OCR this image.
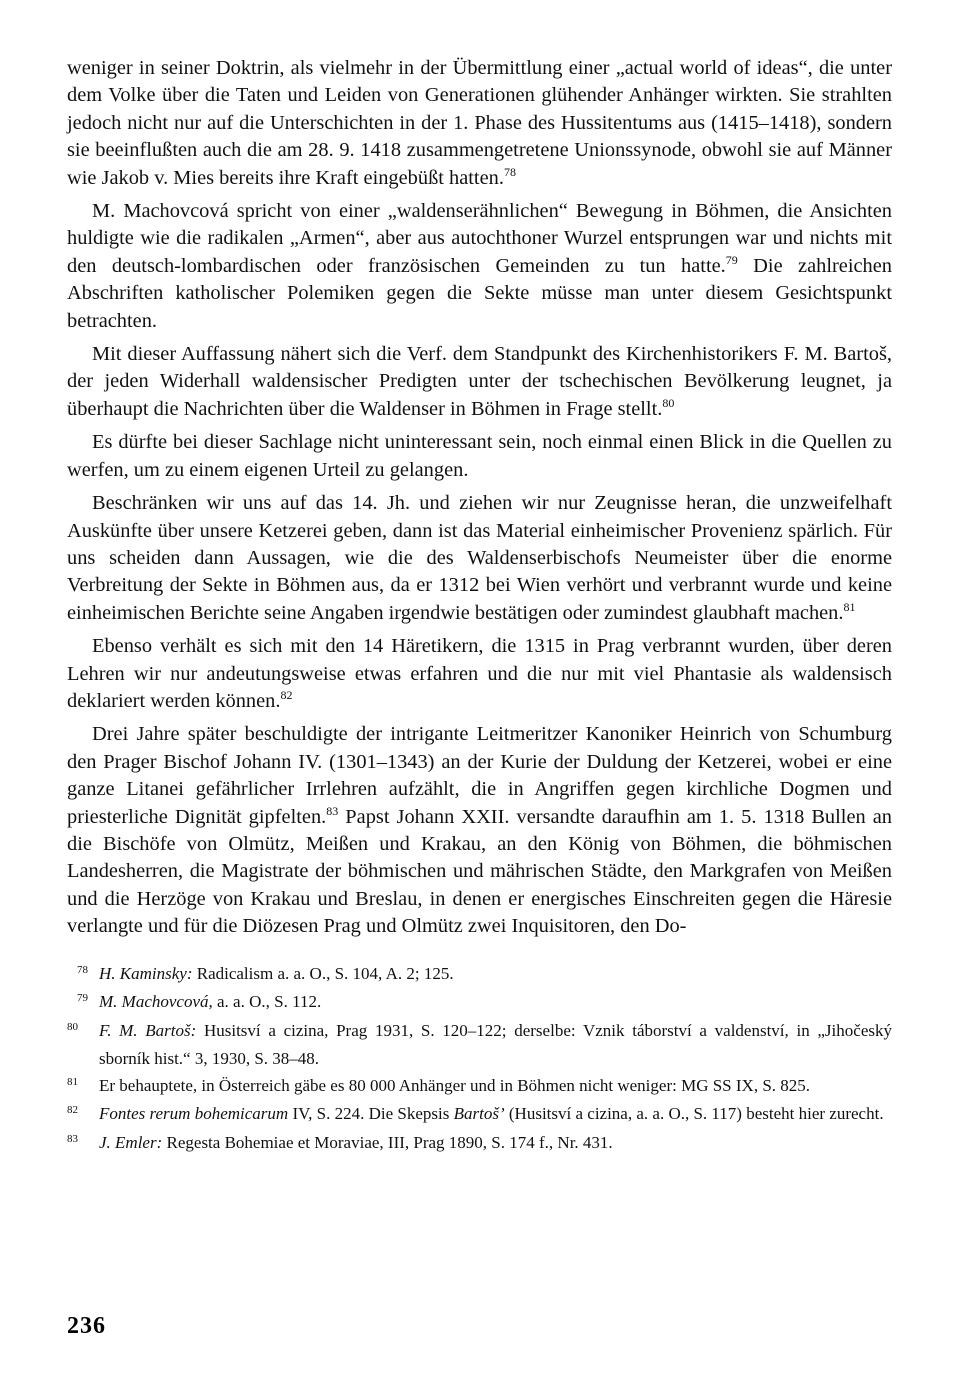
weniger in seiner Doktrin, als vielmehr in der Übermittlung einer „actual world of ideas“, die unter dem Volke über die Taten und Leiden von Generationen glühender Anhänger wirkten. Sie strahlten jedoch nicht nur auf die Unterschichten in der 1. Phase des Hussitentums aus (1415–1418), sondern sie beeinflußten auch die am 28. 9. 1418 zusammengetretene Unionssynode, obwohl sie auf Männer wie Jakob v. Mies bereits ihre Kraft eingebüßt hatten.$^{78}$

M. Machovcová spricht von einer „waldenserähnlichen“ Bewegung in Böhmen, die Ansichten huldigte wie die radikalen „Armen“, aber aus autochthoner Wurzel entsprungen war und nichts mit den deutsch-lombardischen oder französischen Gemeinden zu tun hatte.$^{79}$ Die zahlreichen Abschriften katholischer Polemiken gegen die Sekte müsse man unter diesem Gesichtspunkt betrachten.

Mit dieser Auffassung nähert sich die Verf. dem Standpunkt des Kirchenhistorikers F. M. Bartoš, der jeden Widerhall waldensischer Predigten unter der tschechischen Bevölkerung leugnet, ja überhaupt die Nachrichten über die Waldenser in Böhmen in Frage stellt.$^{80}$

Es dürfte bei dieser Sachlage nicht uninteressant sein, noch einmal einen Blick in die Quellen zu werfen, um zu einem eigenen Urteil zu gelangen.

Beschränken wir uns auf das 14. Jh. und ziehen wir nur Zeugnisse heran, die unzweifelhaft Auskünfte über unsere Ketzerei geben, dann ist das Material einheimischer Provenienz spärlich. Für uns scheiden dann Aussagen, wie die des Waldenserbischofs Neumeister über die enorme Verbreitung der Sekte in Böhmen aus, da er 1312 bei Wien verhört und verbrannt wurde und keine einheimischen Berichte seine Angaben irgendwie bestätigen oder zumindest glaubhaft machen.$^{81}$

Ebenso verhält es sich mit den 14 Häretikern, die 1315 in Prag verbrannt wurden, über deren Lehren wir nur andeutungsweise etwas erfahren und die nur mit viel Phantasie als waldensisch deklariert werden können.$^{82}$

Drei Jahre später beschuldigte der intrigante Leitmeritzer Kanoniker Heinrich von Schumburg den Prager Bischof Johann IV. (1301–1343) an der Kurie der Duldung der Ketzerei, wobei er eine ganze Litanei gefährlicher Irrlehren aufzählt, die in Angriffen gegen kirchliche Dogmen und priesterliche Dignität gipfelten.$^{83}$ Papst Johann XXII. versandte daraufhin am 1. 5. 1318 Bullen an die Bischöfe von Olmütz, Meißen und Krakau, an den König von Böhmen, die böhmischen Landesherren, die Magistrate der böhmischen und mährischen Städte, den Markgrafen von Meißen und die Herzöge von Krakau und Breslau, in denen er energisches Einschreiten gegen die Häresie verlangte und für die Diözesen Prag und Olmütz zwei Inquisitoren, den Do-

78 H. Kaminsky: Radicalism a. a. O., S. 104, A. 2; 125.

79 M. Machovcová, a. a. O., S. 112.

80 F. M. Bartoš: Husitsví a cizina, Prag 1931, S. 120–122; derselbe: Vznik táborství a valdenství, in „Jihočeský sborník hist.“ 3, 1930, S. 38–48.

81 Er behauptete, in Österreich gäbe es 80 000 Anhänger und in Böhmen nicht weniger: MG SS IX, S. 825.

82 Fontes rerum bohemicarum IV, S. 224. Die Skepsis Bartoš’ (Husitsví a cizina, a. a. O., S. 117) besteht hier zurecht.

83 J. Emler: Regesta Bohemiae et Moraviae, III, Prag 1890, S. 174 f., Nr. 431.

236
